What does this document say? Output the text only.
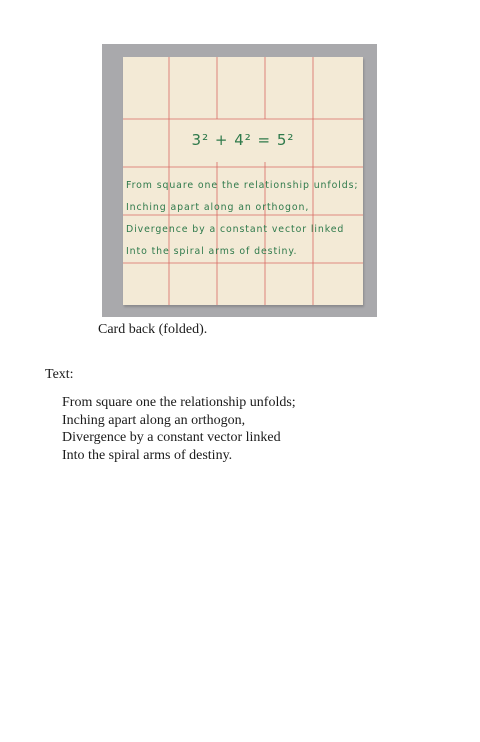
3² + 4² = 5²
From square one the relationship unfolds;
Inching apart along an orthogon,
Divergence by a constant vector linked
Into the spiral arms of destiny.
Card back (folded).
Text:
From square one the relationship unfolds;
Inching apart along an orthogon,
Divergence by a constant vector linked
Into the spiral arms of destiny.
